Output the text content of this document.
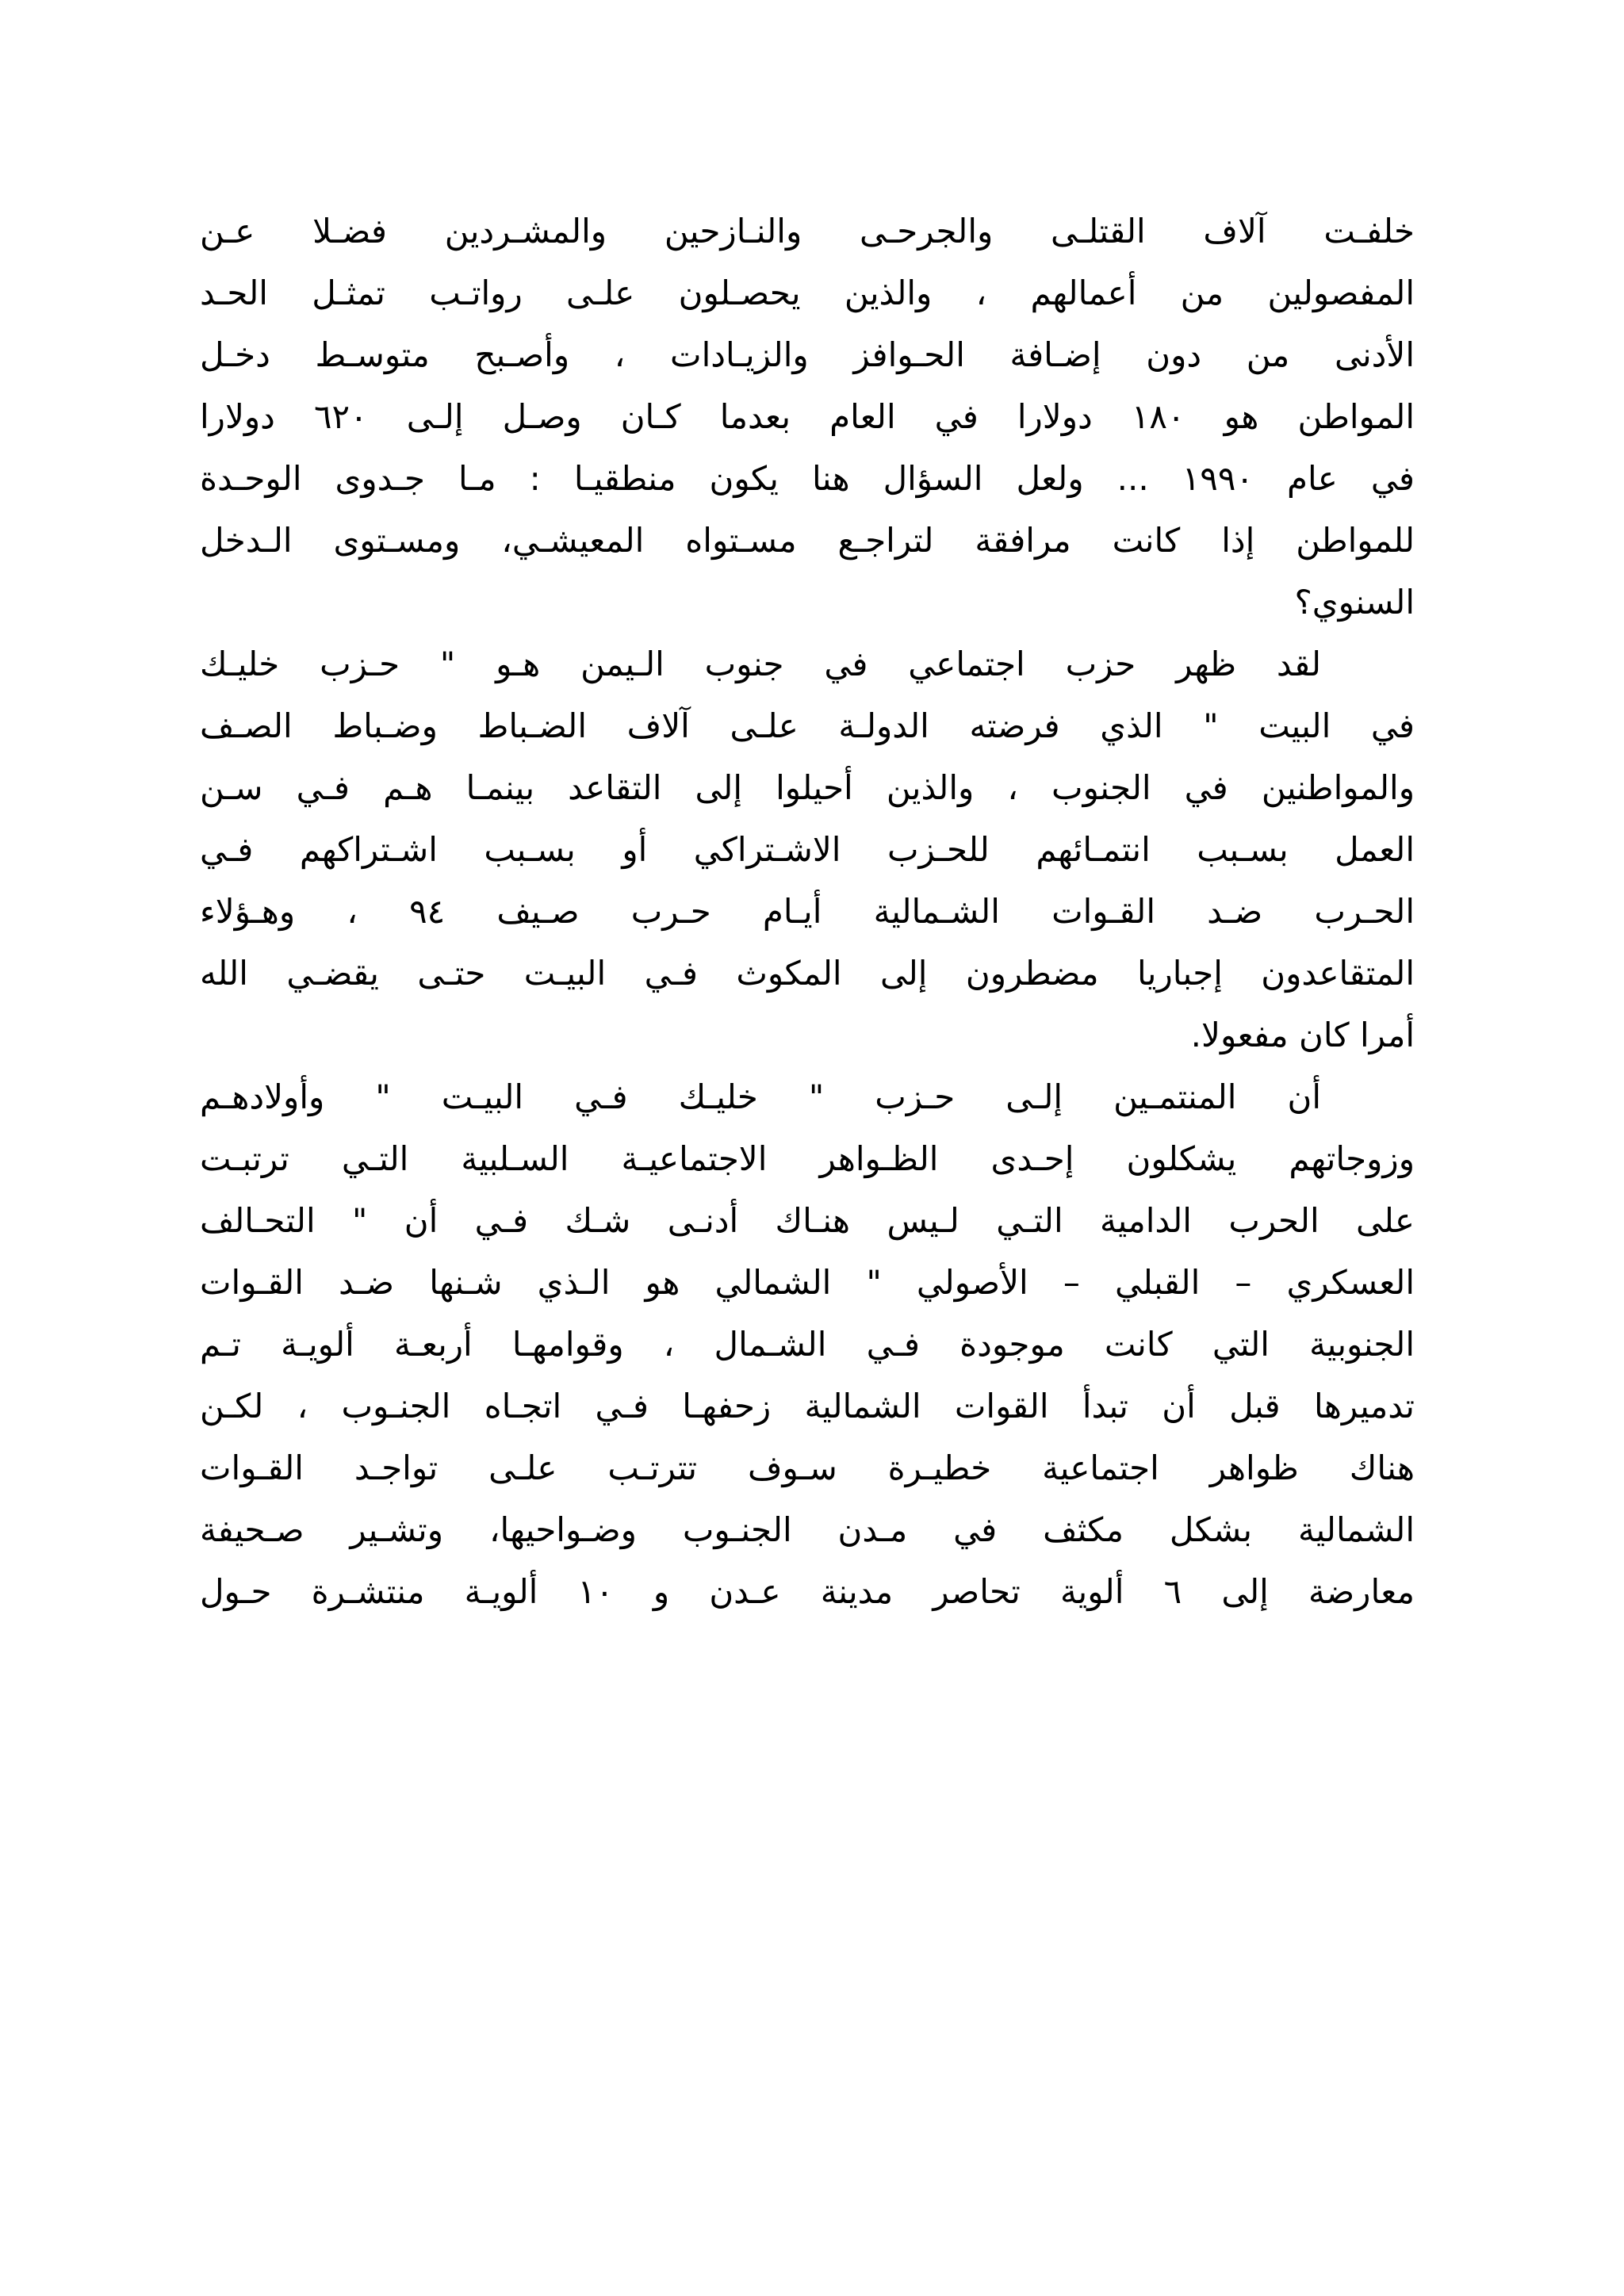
خلفـت آلاف القتلـى والجرحـى والنـازحين والمشـردين فضـلا عـن
المفصولين من أعمالهم ، والذين يحصـلون علـى رواتـب تمثـل الحـد
الأدنى من دون إضـافة الحـوافز والزيـادات ، وأصـبح متوسـط دخـل
المواطن هو ١٨٠ دولارا في العام بعدما كـان وصـل إلـى ٦٢٠ دولارا
في عام ١٩٩٠ ... ولعل السؤال هنا يكون منطقيـا : مـا جـدوى الوحـدة
للمواطن إذا كانت مرافقة لتراجـع مسـتواه المعيشـي، ومسـتوى الـدخل
السنوي؟
لقد ظهر حزب اجتماعي في جنوب الـيمن هـو " حـزب خليـك
في البيت " الذي فرضته الدولـة علـى آلاف الضـباط وضـباط الصـف
والمواطنين في الجنوب ، والذين أحيلوا إلى التقاعد بينمـا هـم فـي سـن
العمل بسـبب انتمـائهم للحـزب الاشـتراكي أو بسـبب اشـتراكهم فـي
الحـرب ضـد القـوات الشـمالية أيـام حـرب صـيف ٩٤ ، وهـؤلاء
المتقاعدون إجباريا مضطرون إلى المكوث فـي البيـت حتـى يقضـي الله
أمرا كان مفعولا.
أن المنتمـين إلـى حـزب " خليـك فـي البيـت " وأولادهـم
وزوجاتهم يشكلون إحـدى الظـواهر الاجتماعيـة السـلبية التـي ترتبـت
على الحرب الدامية التـي لـيس هنـاك أدنـى شـك فـي أن " التحـالف
العسكري – القبلي – الأصولي " الشمالي هو الـذي شـنها ضـد القـوات
الجنوبية التي كانت موجودة فـي الشـمال ، وقوامهـا أربعـة ألويـة تـم
تدميرها قبل أن تبدأ القوات الشمالية زحفهـا فـي اتجـاه الجنـوب ، لكـن
هناك ظواهر اجتماعية خطيـرة سـوف تترتـب علـى تواجـد القـوات
الشمالية بشكل مكثف في مـدن الجنـوب وضـواحيها، وتشـير صـحيفة
معارضة إلى ٦ ألوية تحاصر مدينة عـدن و ١٠ ألويـة منتشـرة حـول
